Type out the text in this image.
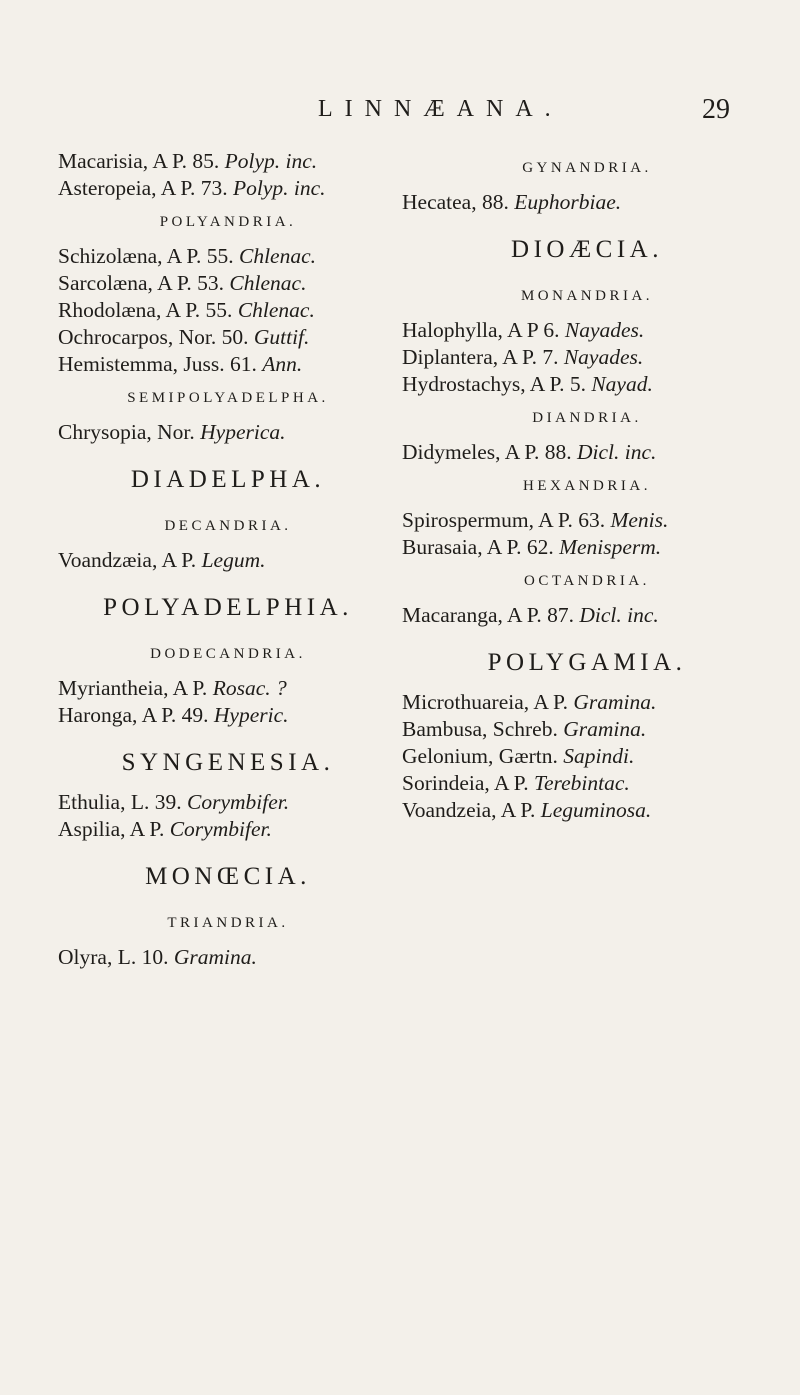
LINNÆANA.	29
Macarisia, A P. 85. Polyp. inc.
Asteropeia, A P. 73. Polyp. inc.
POLYANDRIA.
Schizolæna, A P. 55. Chlenac.
Sarcolæna, A P. 53. Chlenac.
Rhodolæna, A P. 55. Chlenac.
Ochrocarpos, Nor. 50. Guttif.
Hemistemma, Juss. 61. Ann.
SEMIPOLYADELPHA.
Chrysopia, Nor. Hyperica.
DIADELPHA.
DECANDRIA.
Voandzæia, A P. Legum.
POLYADELPHIA.
DODECANDRIA.
Myriantheia, A P. Rosac. ?
Haronga, A P. 49. Hyperic.
SYNGENESIA.
Ethulia, L. 39. Corymbifer.
Aspilia, A P. Corymbifer.
MONŒCIA.
TRIANDRIA.
Olyra, L. 10. Gramina.
GYNANDRIA.
Hecatea, 88. Euphorbiae.
DIOÆCIA.
MONANDRIA.
Halophylla, A P 6. Nayades.
Diplantera, A P. 7. Nayades.
Hydrostachys, A P. 5. Nayad.
DIANDRIA.
Didymeles, A P. 88. Dicl. inc.
HEXANDRIA.
Spirospermum, A P. 63. Menis.
Burasaia, A P. 62. Menisperm.
OCTANDRIA.
Macaranga, A P. 87. Dicl. inc.
POLYGAMIA.
Microthuareia, A P. Gramina.
Bambusa, Schreb. Gramina.
Gelonium, Gærtn. Sapindi.
Sorindeia, A P. Terebintac.
Voandzeia, A P. Leguminosa.
